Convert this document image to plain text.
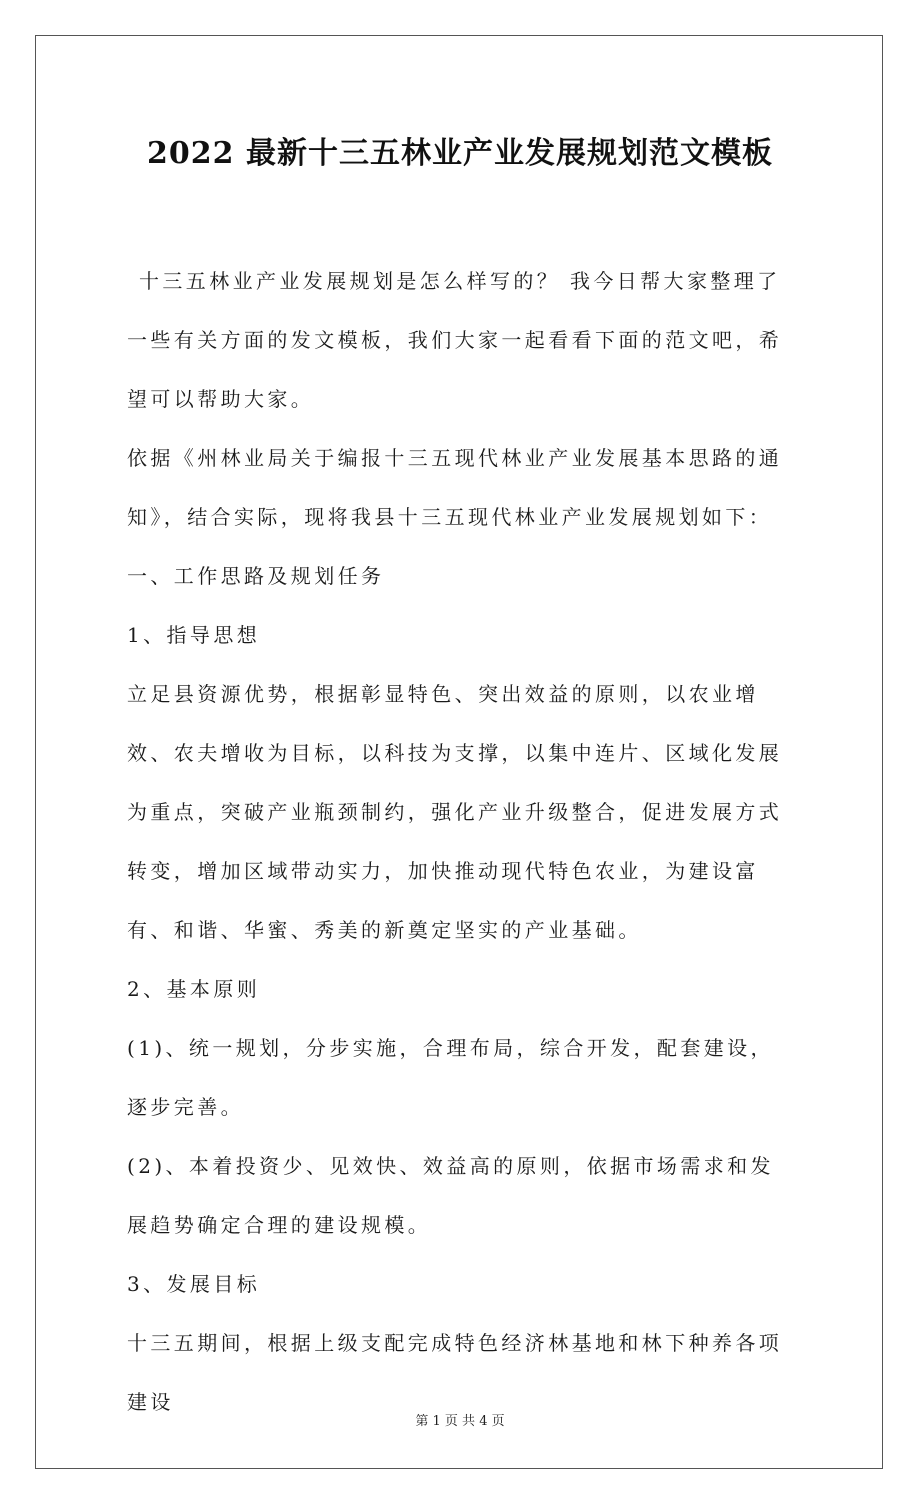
2022 最新十三五林业产业发展规划范文模板

十三五林业产业发展规划是怎么样写的？ 我今日帮大家整理了一些有关方面的发文模板，我们大家一起看看下面的范文吧，希望可以帮助大家。

依据《州林业局关于编报十三五现代林业产业发展基本思路的通知》，结合实际，现将我县十三五现代林业产业发展规划如下：

一、工作思路及规划任务

1、指导思想

立足县资源优势，根据彰显特色、突出效益的原则，以农业增效、农夫增收为目标，以科技为支撑，以集中连片、区域化发展为重点，突破产业瓶颈制约，强化产业升级整合，促进发展方式转变，增加区域带动实力，加快推动现代特色农业，为建设富有、和谐、华蜜、秀美的新奠定坚实的产业基础。

2、基本原则

(1)、统一规划，分步实施，合理布局，综合开发，配套建设，逐步完善。

(2)、本着投资少、见效快、效益高的原则，依据市场需求和发展趋势确定合理的建设规模。

3、发展目标

十三五期间，根据上级支配完成特色经济林基地和林下种养各项建设

第 1 页 共 4 页
